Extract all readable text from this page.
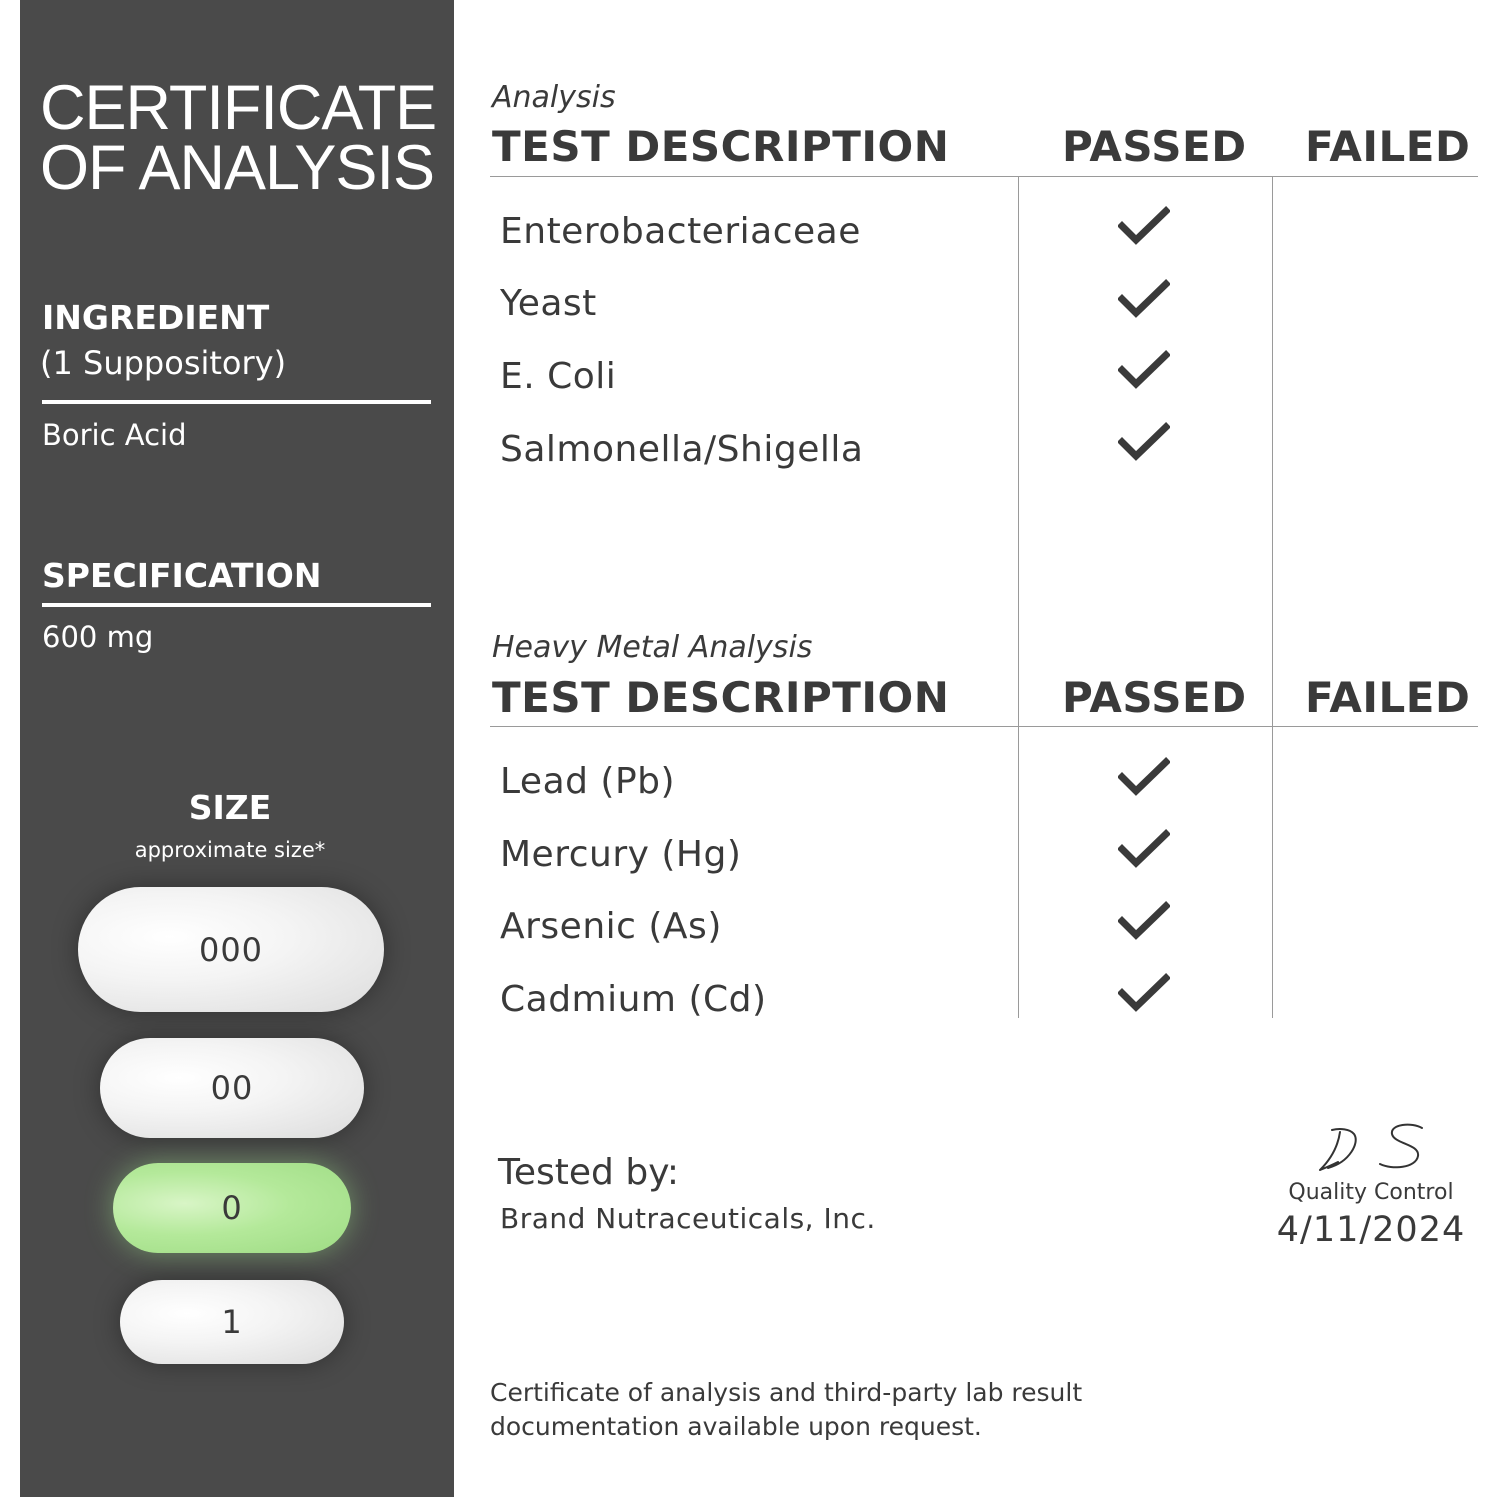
CERTIFICATE
OF ANALYSIS
INGREDIENT
(1 Suppository)
Boric Acid
SPECIFICATION
600 mg
SIZE
approximate size*
000
00
0
1
Analysis
TEST DESCRIPTION	PASSED FAILED
Enterobacteriaceae
Yeast
E. Coli
Salmonella/Shigella
Heavy Metal Analysis
TEST DESCRIPTION	PASSED FAILED
Lead (Pb)
Mercury (Hg)
Arsenic (As)
Cadmium (Cd)
Tested by:
Brand Nutraceuticals, Inc.
Quality Control
4/11/2024
Certificate of analysis and third-party lab result documentation available upon request.
